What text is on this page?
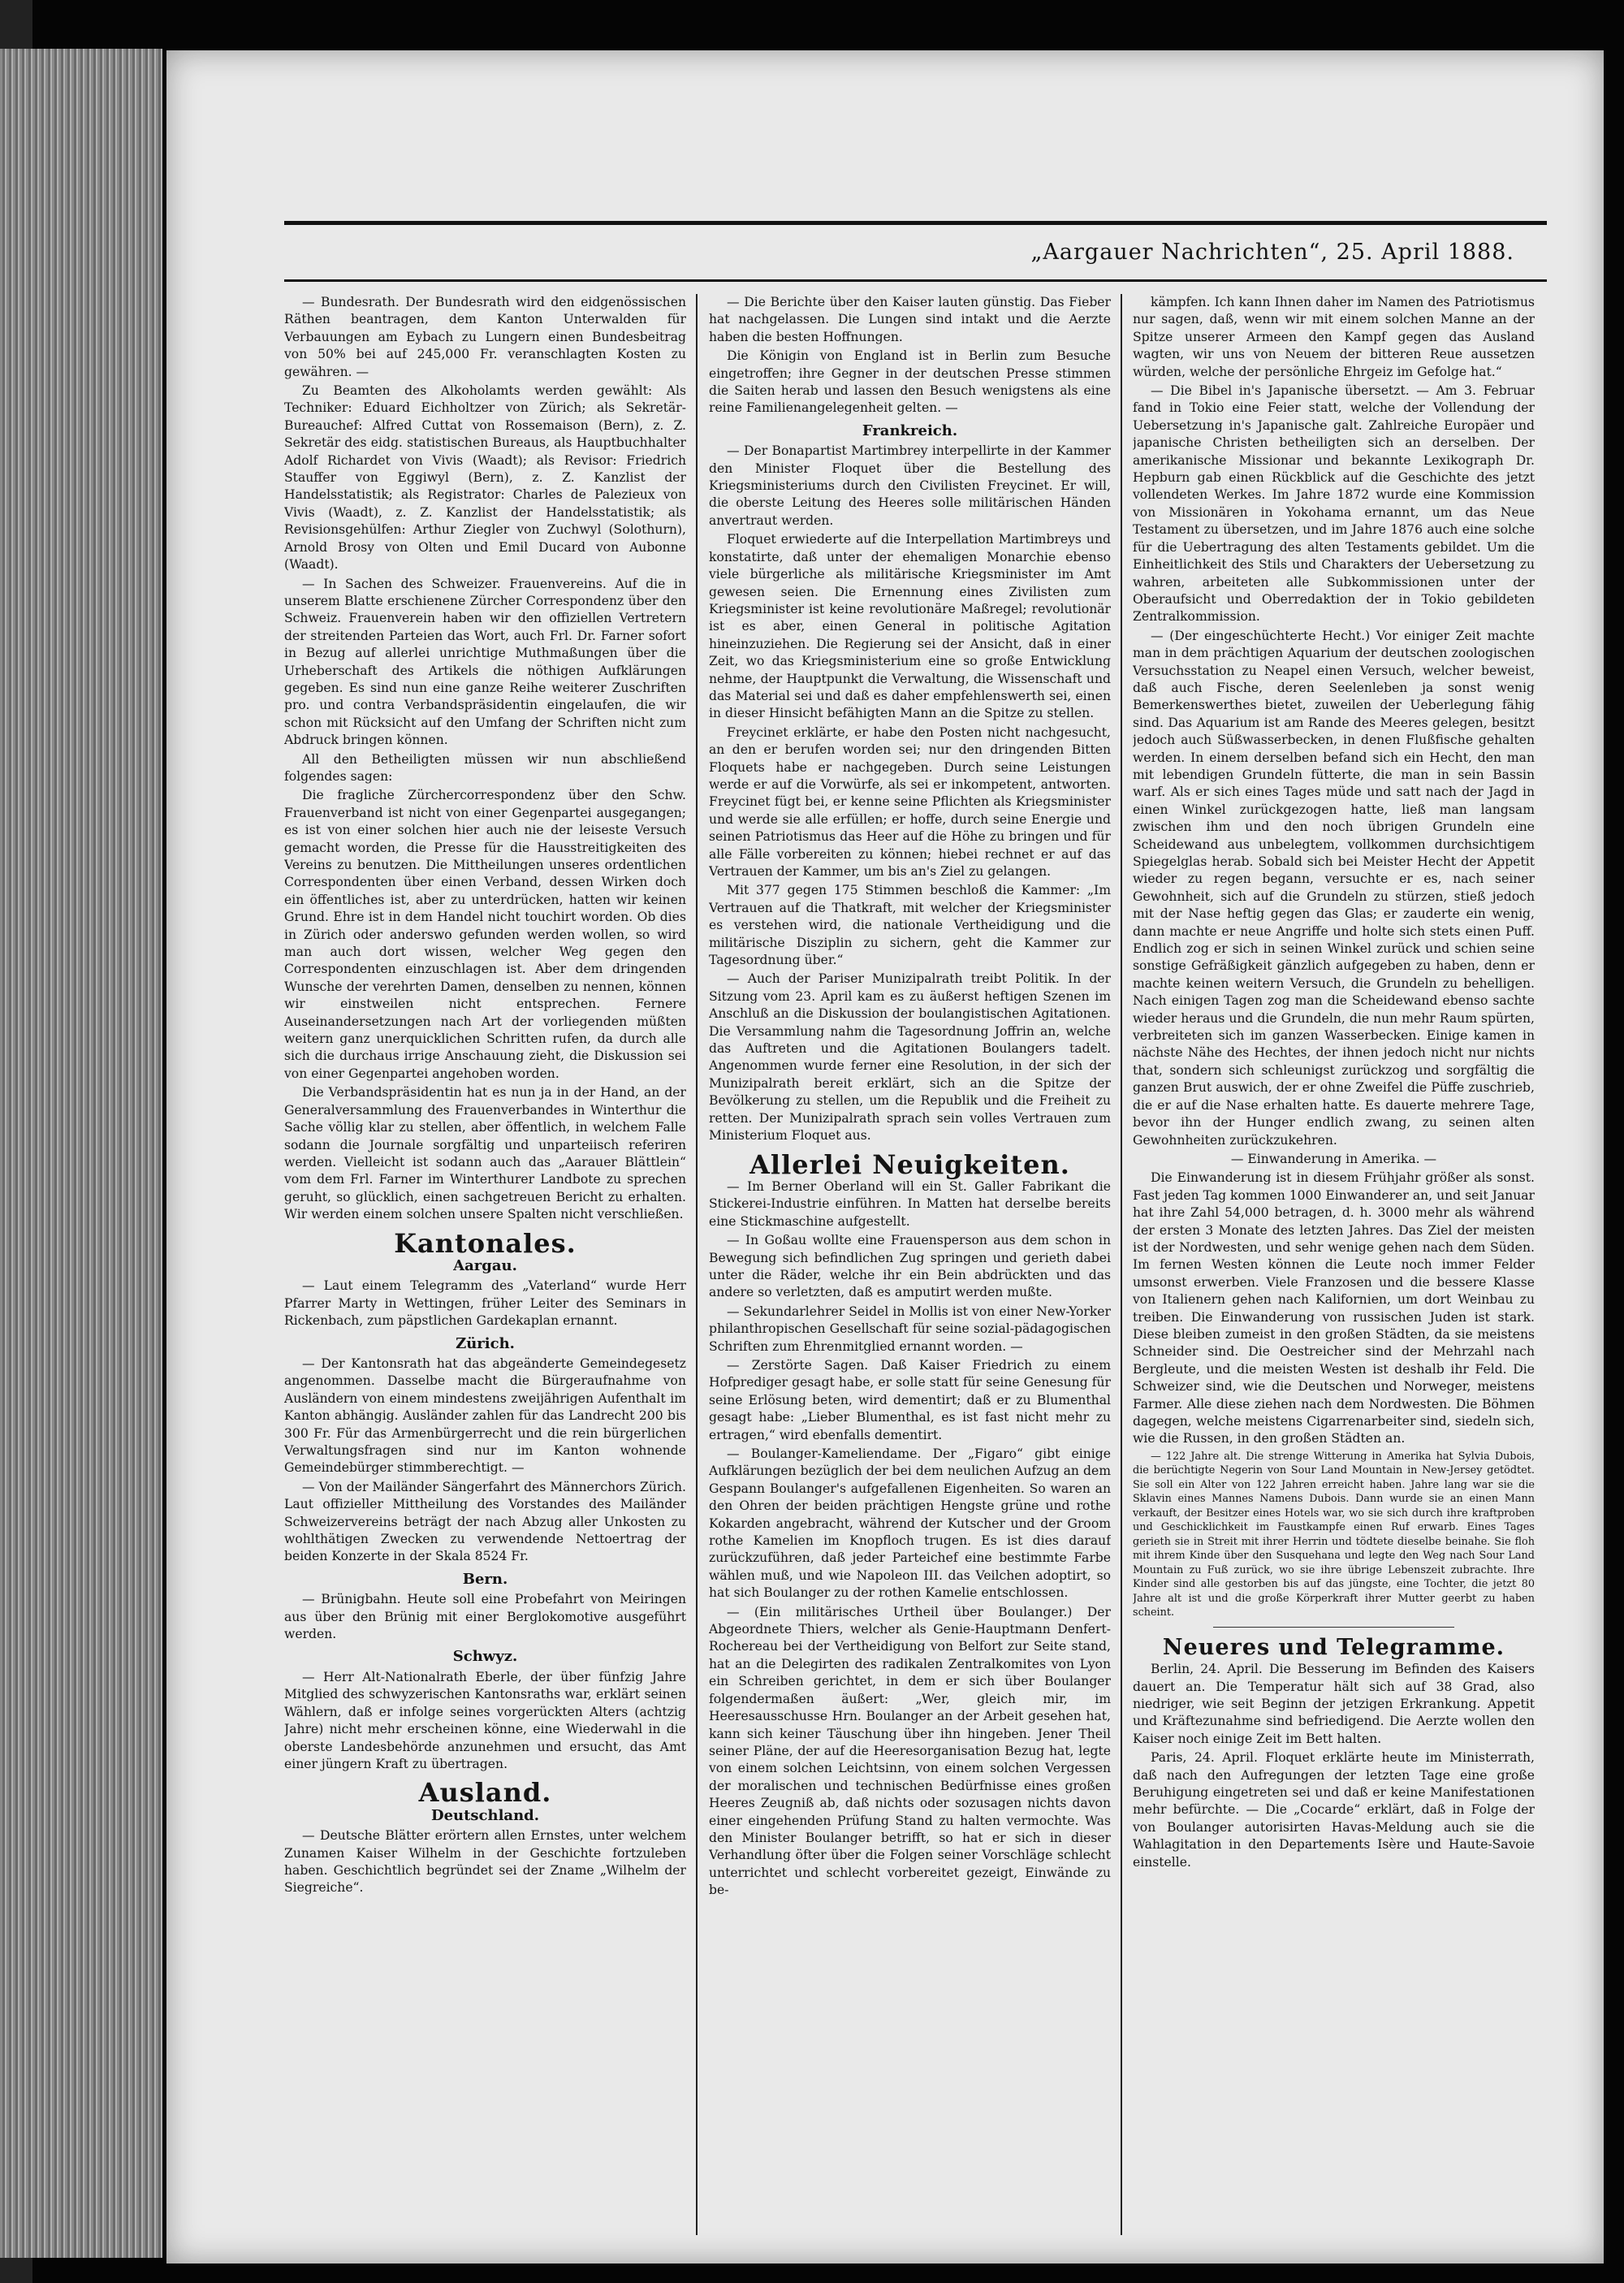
„Aargauer Nachrichten“, 25. April 1888.

— Bundesrath. Der Bundesrath wird den eidgenössischen Räthen beantragen, dem Kanton Unterwalden für Verbauungen am Eybach zu Lungern einen Bundesbeitrag von 50% bei auf 245,000 Fr. veranschlagten Kosten zu gewähren. —

Zu Beamten des Alkoholamts werden gewählt: Als Techniker: Eduard Eichholtzer von Zürich; als Sekretär-Bureauchef: Alfred Cuttat von Rossemaison (Bern), z. Z. Sekretär des eidg. statistischen Bureaus, als Hauptbuchhalter Adolf Richardet von Vivis (Waadt); als Revisor: Friedrich Stauffer von Eggiwyl (Bern), z. Z. Kanzlist der Handelsstatistik; als Registrator: Charles de Palezieux von Vivis (Waadt), z. Z. Kanzlist der Handelsstatistik; als Revisionsgehülfen: Arthur Ziegler von Zuchwyl (Solothurn), Arnold Brosy von Olten und Emil Ducard von Aubonne (Waadt).

— In Sachen des Schweizer. Frauenvereins. Auf die in unserem Blatte erschienene Zürcher Correspondenz über den Schweiz. Frauenverein haben wir den offiziellen Vertretern der streitenden Parteien das Wort, auch Frl. Dr. Farner sofort in Bezug auf allerlei unrichtige Muthmaßungen über die Urheberschaft des Artikels die nöthigen Aufklärungen gegeben. Es sind nun eine ganze Reihe weiterer Zuschriften pro. und contra Verbandspräsidentin eingelaufen, die wir schon mit Rücksicht auf den Umfang der Schriften nicht zum Abdruck bringen können.

All den Betheiligten müssen wir nun abschließend folgendes sagen:

Die fragliche Zürchercorrespondenz über den Schw. Frauenverband ist nicht von einer Gegenpartei ausgegangen; es ist von einer solchen hier auch nie der leiseste Versuch gemacht worden, die Presse für die Hausstreitigkeiten des Vereins zu benutzen. Die Mittheilungen unseres ordentlichen Correspondenten über einen Verband, dessen Wirken doch ein öffentliches ist, aber zu unterdrücken, hatten wir keinen Grund. Ehre ist in dem Handel nicht touchirt worden. Ob dies in Zürich oder anderswo gefunden werden wollen, so wird man auch dort wissen, welcher Weg gegen den Correspondenten einzuschlagen ist. Aber dem dringenden Wunsche der verehrten Damen, denselben zu nennen, können wir einstweilen nicht entsprechen. Fernere Auseinandersetzungen nach Art der vorliegenden müßten weitern ganz unerquicklichen Schritten rufen, da durch alle sich die durchaus irrige Anschauung zieht, die Diskussion sei von einer Gegenpartei angehoben worden.

Die Verbandspräsidentin hat es nun ja in der Hand, an der Generalversammlung des Frauenverbandes in Winterthur die Sache völlig klar zu stellen, aber öffentlich, in welchem Falle sodann die Journale sorgfältig und unparteiisch referiren werden. Vielleicht ist sodann auch das „Aarauer Blättlein“ vom dem Frl. Farner im Winterthurer Landbote zu sprechen geruht, so glücklich, einen sachgetreuen Bericht zu erhalten. Wir werden einem solchen unsere Spalten nicht verschließen.

Kantonales.
Aargau.

— Laut einem Telegramm des „Vaterland“ wurde Herr Pfarrer Marty in Wettingen, früher Leiter des Seminars in Rickenbach, zum päpstlichen Gardekaplan ernannt.

Zürich.

— Der Kantonsrath hat das abgeänderte Gemeindegesetz angenommen. Dasselbe macht die Bürgeraufnahme von Ausländern von einem mindestens zweijährigen Aufenthalt im Kanton abhängig. Ausländer zahlen für das Landrecht 200 bis 300 Fr. Für das Armenbürgerrecht und die rein bürgerlichen Verwaltungsfragen sind nur im Kanton wohnende Gemeindebürger stimmberechtigt. —

— Von der Mailänder Sängerfahrt des Männerchors Zürich. Laut offizieller Mittheilung des Vorstandes des Mailänder Schweizervereins beträgt der nach Abzug aller Unkosten zu wohlthätigen Zwecken zu verwendende Nettoertrag der beiden Konzerte in der Skala 8524 Fr.

Bern.

— Brünigbahn. Heute soll eine Probefahrt von Meiringen aus über den Brünig mit einer Berglokomotive ausgeführt werden.

Schwyz.

— Herr Alt-Nationalrath Eberle, der über fünfzig Jahre Mitglied des schwyzerischen Kantonsraths war, erklärt seinen Wählern, daß er infolge seines vorgerückten Alters (achtzig Jahre) nicht mehr erscheinen könne, eine Wiederwahl in die oberste Landesbehörde anzunehmen und ersucht, das Amt einer jüngern Kraft zu übertragen.

Ausland.
Deutschland.

— Deutsche Blätter erörtern allen Ernstes, unter welchem Zunamen Kaiser Wilhelm in der Geschichte fortzuleben haben. Geschichtlich begründet sei der Zname „Wilhelm der Siegreiche“.

— Die Berichte über den Kaiser lauten günstig. Das Fieber hat nachgelassen. Die Lungen sind intakt und die Aerzte haben die besten Hoffnungen.

Die Königin von England ist in Berlin zum Besuche eingetroffen; ihre Gegner in der deutschen Presse stimmen die Saiten herab und lassen den Besuch wenigstens als eine reine Familienangelegenheit gelten. —

Frankreich.

— Der Bonapartist Martimbrey interpellirte in der Kammer den Minister Floquet über die Bestellung des Kriegsministeriums durch den Civilisten Freycinet. Er will, die oberste Leitung des Heeres solle militärischen Händen anvertraut werden.

Floquet erwiederte auf die Interpellation Martimbreys und konstatirte, daß unter der ehemaligen Monarchie ebenso viele bürgerliche als militärische Kriegsminister im Amt gewesen seien. Die Ernennung eines Zivilisten zum Kriegsminister ist keine revolutionäre Maßregel; revolutionär ist es aber, einen General in politische Agitation hineinzuziehen. Die Regierung sei der Ansicht, daß in einer Zeit, wo das Kriegsministerium eine so große Entwicklung nehme, der Hauptpunkt die Verwaltung, die Wissenschaft und das Material sei und daß es daher empfehlenswerth sei, einen in dieser Hinsicht befähigten Mann an die Spitze zu stellen.

Freycinet erklärte, er habe den Posten nicht nachgesucht, an den er berufen worden sei; nur den dringenden Bitten Floquets habe er nachgegeben. Durch seine Leistungen werde er auf die Vorwürfe, als sei er inkompetent, antworten. Freycinet fügt bei, er kenne seine Pflichten als Kriegsminister und werde sie alle erfüllen; er hoffe, durch seine Energie und seinen Patriotismus das Heer auf die Höhe zu bringen und für alle Fälle vorbereiten zu können; hiebei rechnet er auf das Vertrauen der Kammer, um bis an's Ziel zu gelangen.

Mit 377 gegen 175 Stimmen beschloß die Kammer: „Im Vertrauen auf die Thatkraft, mit welcher der Kriegsminister es verstehen wird, die nationale Vertheidigung und die militärische Disziplin zu sichern, geht die Kammer zur Tagesordnung über.“

— Auch der Pariser Munizipalrath treibt Politik. In der Sitzung vom 23. April kam es zu äußerst heftigen Szenen im Anschluß an die Diskussion der boulangistischen Agitationen. Die Versammlung nahm die Tagesordnung Joffrin an, welche das Auftreten und die Agitationen Boulangers tadelt. Angenommen wurde ferner eine Resolution, in der sich der Munizipalrath bereit erklärt, sich an die Spitze der Bevölkerung zu stellen, um die Republik und die Freiheit zu retten. Der Munizipalrath sprach sein volles Vertrauen zum Ministerium Floquet aus.

Allerlei Neuigkeiten.

— Im Berner Oberland will ein St. Galler Fabrikant die Stickerei-Industrie einführen. In Matten hat derselbe bereits eine Stickmaschine aufgestellt.

— In Goßau wollte eine Frauensperson aus dem schon in Bewegung sich befindlichen Zug springen und gerieth dabei unter die Räder, welche ihr ein Bein abdrückten und das andere so verletzten, daß es amputirt werden mußte.

— Sekundarlehrer Seidel in Mollis ist von einer New-Yorker philanthropischen Gesellschaft für seine sozial-pädagogischen Schriften zum Ehrenmitglied ernannt worden. —

— Zerstörte Sagen. Daß Kaiser Friedrich zu einem Hofprediger gesagt habe, er solle statt für seine Genesung für seine Erlösung beten, wird dementirt; daß er zu Blumenthal gesagt habe: „Lieber Blumenthal, es ist fast nicht mehr zu ertragen,“ wird ebenfalls dementirt.

— Boulanger-Kameliendame. Der „Figaro“ gibt einige Aufklärungen bezüglich der bei dem neulichen Aufzug an dem Gespann Boulanger's aufgefallenen Eigenheiten. So waren an den Ohren der beiden prächtigen Hengste grüne und rothe Kokarden angebracht, während der Kutscher und der Groom rothe Kamelien im Knopfloch trugen. Es ist dies darauf zurückzuführen, daß jeder Parteichef eine bestimmte Farbe wählen muß, und wie Napoleon III. das Veilchen adoptirt, so hat sich Boulanger zu der rothen Kamelie entschlossen.

— (Ein militärisches Urtheil über Boulanger.) Der Abgeordnete Thiers, welcher als Genie-Hauptmann Denfert-Rochereau bei der Vertheidigung von Belfort zur Seite stand, hat an die Delegirten des radikalen Zentralkomites von Lyon ein Schreiben gerichtet, in dem er sich über Boulanger folgendermaßen äußert: „Wer, gleich mir, im Heeresausschusse Hrn. Boulanger an der Arbeit gesehen hat, kann sich keiner Täuschung über ihn hingeben. Jener Theil seiner Pläne, der auf die Heeresorganisation Bezug hat, legte von einem solchen Leichtsinn, von einem solchen Vergessen der moralischen und technischen Bedürfnisse eines großen Heeres Zeugniß ab, daß nichts oder sozusagen nichts davon einer eingehenden Prüfung Stand zu halten vermochte. Was den Minister Boulanger betrifft, so hat er sich in dieser Verhandlung öfter über die Folgen seiner Vorschläge schlecht unterrichtet und schlecht vorbereitet gezeigt, Einwände zu be-

kämpfen. Ich kann Ihnen daher im Namen des Patriotismus nur sagen, daß, wenn wir mit einem solchen Manne an der Spitze unserer Armeen den Kampf gegen das Ausland wagten, wir uns von Neuem der bitteren Reue aussetzen würden, welche der persönliche Ehrgeiz im Gefolge hat.“

— Die Bibel in's Japanische übersetzt. — Am 3. Februar fand in Tokio eine Feier statt, welche der Vollendung der Uebersetzung in's Japanische galt. Zahlreiche Europäer und japanische Christen betheiligten sich an derselben. Der amerikanische Missionar und bekannte Lexikograph Dr. Hepburn gab einen Rückblick auf die Geschichte des jetzt vollendeten Werkes. Im Jahre 1872 wurde eine Kommission von Missionären in Yokohama ernannt, um das Neue Testament zu übersetzen, und im Jahre 1876 auch eine solche für die Uebertragung des alten Testaments gebildet. Um die Einheitlichkeit des Stils und Charakters der Uebersetzung zu wahren, arbeiteten alle Subkommissionen unter der Oberaufsicht und Oberredaktion der in Tokio gebildeten Zentralkommission.

— (Der eingeschüchterte Hecht.) Vor einiger Zeit machte man in dem prächtigen Aquarium der deutschen zoologischen Versuchsstation zu Neapel einen Versuch, welcher beweist, daß auch Fische, deren Seelenleben ja sonst wenig Bemerkenswerthes bietet, zuweilen der Ueberlegung fähig sind. Das Aquarium ist am Rande des Meeres gelegen, besitzt jedoch auch Süßwasserbecken, in denen Flußfische gehalten werden. In einem derselben befand sich ein Hecht, den man mit lebendigen Grundeln fütterte, die man in sein Bassin warf. Als er sich eines Tages müde und satt nach der Jagd in einen Winkel zurückgezogen hatte, ließ man langsam zwischen ihm und den noch übrigen Grundeln eine Scheidewand aus unbelegtem, vollkommen durchsichtigem Spiegelglas herab. Sobald sich bei Meister Hecht der Appetit wieder zu regen begann, versuchte er es, nach seiner Gewohnheit, sich auf die Grundeln zu stürzen, stieß jedoch mit der Nase heftig gegen das Glas; er zauderte ein wenig, dann machte er neue Angriffe und holte sich stets einen Puff. Endlich zog er sich in seinen Winkel zurück und schien seine sonstige Gefräßigkeit gänzlich aufgegeben zu haben, denn er machte keinen weitern Versuch, die Grundeln zu behelligen. Nach einigen Tagen zog man die Scheidewand ebenso sachte wieder heraus und die Grundeln, die nun mehr Raum spürten, verbreiteten sich im ganzen Wasserbecken. Einige kamen in nächste Nähe des Hechtes, der ihnen jedoch nicht nur nichts that, sondern sich schleunigst zurückzog und sorgfältig die ganzen Brut auswich, der er ohne Zweifel die Püffe zuschrieb, die er auf die Nase erhalten hatte. Es dauerte mehrere Tage, bevor ihn der Hunger endlich zwang, zu seinen alten Gewohnheiten zurückzukehren.

— Einwanderung in Amerika. —

Die Einwanderung ist in diesem Frühjahr größer als sonst. Fast jeden Tag kommen 1000 Einwanderer an, und seit Januar hat ihre Zahl 54,000 betragen, d. h. 3000 mehr als während der ersten 3 Monate des letzten Jahres. Das Ziel der meisten ist der Nordwesten, und sehr wenige gehen nach dem Süden. Im fernen Westen können die Leute noch immer Felder umsonst erwerben. Viele Franzosen und die bessere Klasse von Italienern gehen nach Kalifornien, um dort Weinbau zu treiben. Die Einwanderung von russischen Juden ist stark. Diese bleiben zumeist in den großen Städten, da sie meistens Schneider sind. Die Oestreicher sind der Mehrzahl nach Bergleute, und die meisten Westen ist deshalb ihr Feld. Die Schweizer sind, wie die Deutschen und Norweger, meistens Farmer. Alle diese ziehen nach dem Nordwesten. Die Böhmen dagegen, welche meistens Cigarrenarbeiter sind, siedeln sich, wie die Russen, in den großen Städten an.

— 122 Jahre alt. Die strenge Witterung in Amerika hat Sylvia Dubois, die berüchtigte Negerin von Sour Land Mountain in New-Jersey getödtet. Sie soll ein Alter von 122 Jahren erreicht haben. Jahre lang war sie die Sklavin eines Mannes Namens Dubois. Dann wurde sie an einen Mann verkauft, der Besitzer eines Hotels war, wo sie sich durch ihre kraftproben und Geschicklichkeit im Faustkampfe einen Ruf erwarb. Eines Tages gerieth sie in Streit mit ihrer Herrin und tödtete dieselbe beinahe. Sie floh mit ihrem Kinde über den Susquehana und legte den Weg nach Sour Land Mountain zu Fuß zurück, wo sie ihre übrige Lebenszeit zubrachte. Ihre Kinder sind alle gestorben bis auf das jüngste, eine Tochter, die jetzt 80 Jahre alt ist und die große Körperkraft ihrer Mutter geerbt zu haben scheint.

Neueres und Telegramme.

Berlin, 24. April. Die Besserung im Befinden des Kaisers dauert an. Die Temperatur hält sich auf 38 Grad, also niedriger, wie seit Beginn der jetzigen Erkrankung. Appetit und Kräftezunahme sind befriedigend. Die Aerzte wollen den Kaiser noch einige Zeit im Bett halten.

Paris, 24. April. Floquet erklärte heute im Ministerrath, daß nach den Aufregungen der letzten Tage eine große Beruhigung eingetreten sei und daß er keine Manifestationen mehr befürchte. — Die „Cocarde“ erklärt, daß in Folge der von Boulanger autorisirten Havas-Meldung auch sie die Wahlagitation in den Departements Isère und Haute-Savoie einstelle.
